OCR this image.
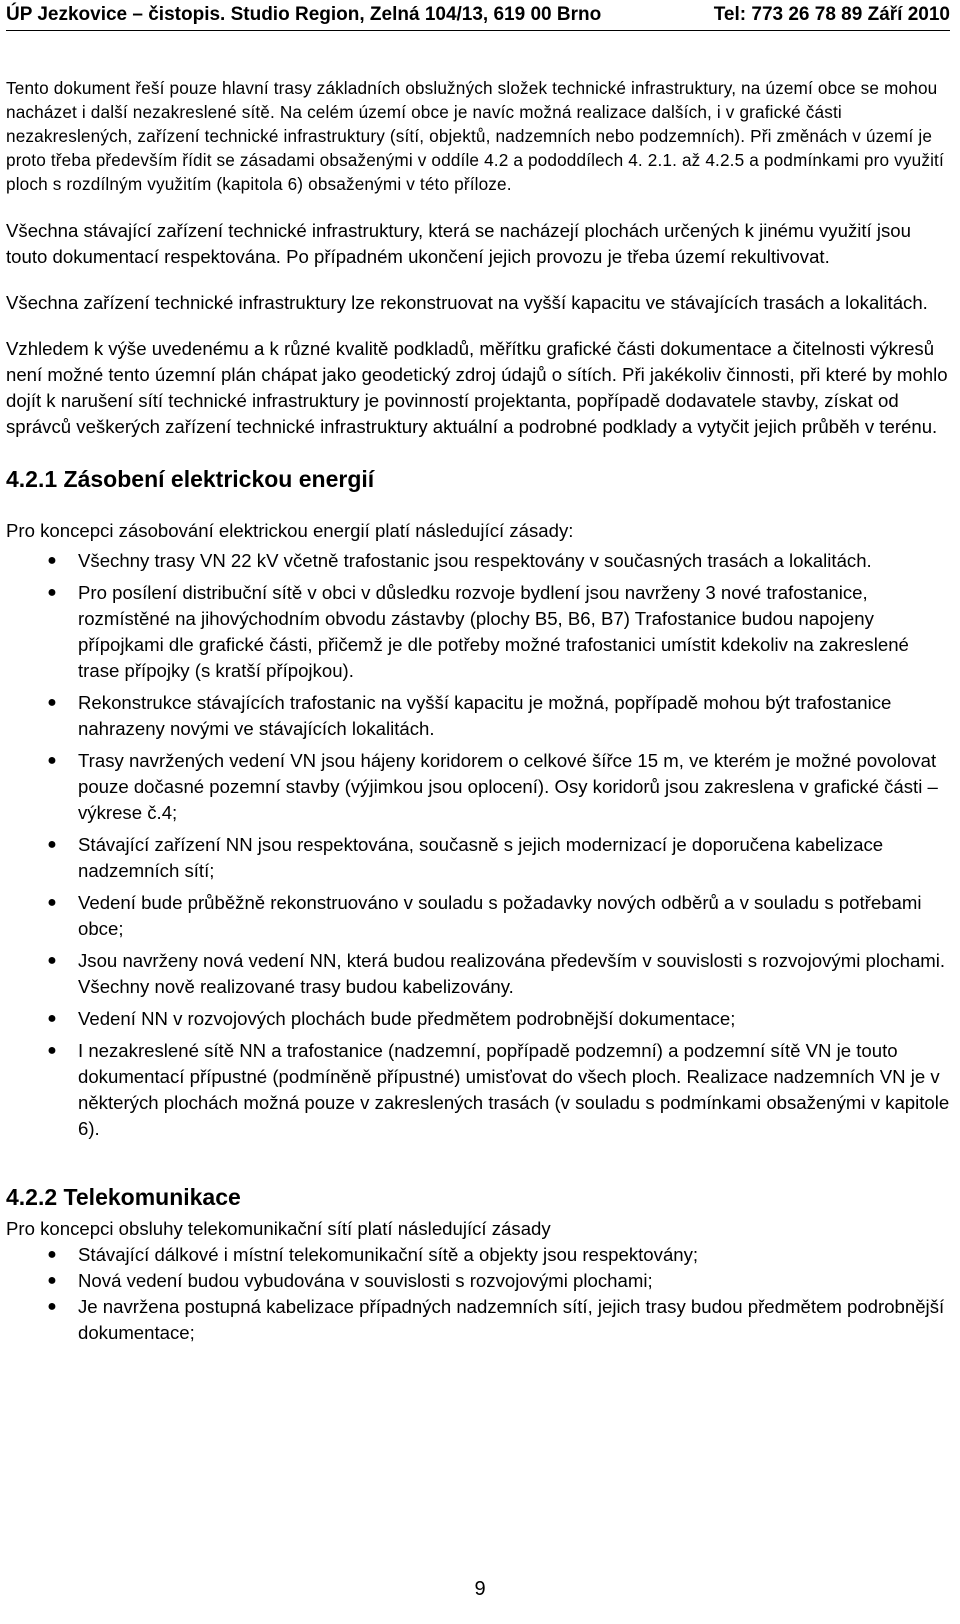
ÚP Jezkovice – čistopis. Studio Region, Zelná 104/13, 619 00 Brno	Tel: 773 26 78 89 Září 2010

Tento dokument řeší pouze hlavní trasy základních obslužných složek technické infrastruktury, na území obce se mohou nacházet i další nezakreslené sítě. Na celém území obce je navíc možná realizace dalších, i v grafické části nezakreslených, zařízení technické infrastruktury (sítí, objektů, nadzemních nebo podzemních). Při změnách v území je proto třeba především řídit se zásadami obsaženými v oddíle 4.2 a pododdílech 4. 2.1. až 4.2.5 a podmínkami pro využití ploch s rozdílným využitím (kapitola 6) obsaženými v této příloze.

Všechna stávající zařízení technické infrastruktury, která se nacházejí plochách určených k jinému využití jsou touto dokumentací respektována. Po případném ukončení jejich provozu je třeba území rekultivovat.

Všechna zařízení technické infrastruktury lze rekonstruovat na vyšší kapacitu ve stávajících trasách a lokalitách.

Vzhledem k výše uvedenému a k různé kvalitě podkladů, měřítku grafické části dokumentace a čitelnosti výkresů není možné tento územní plán chápat jako geodetický zdroj údajů o sítích. Při jakékoliv činnosti, při které by mohlo dojít k narušení sítí technické infrastruktury je povinností projektanta, popřípadě dodavatele stavby, získat od správců veškerých zařízení technické infrastruktury aktuální a podrobné podklady a vytyčit jejich průběh v terénu.

4.2.1 Zásobení elektrickou energií

Pro koncepci zásobování elektrickou energií platí následující zásady:

● Všechny trasy VN 22 kV včetně trafostanic jsou respektovány v současných trasách a lokalitách.
● Pro posílení distribuční sítě v obci v důsledku rozvoje bydlení jsou navrženy 3 nové trafostanice, rozmístěné na jihovýchodním obvodu zástavby (plochy B5, B6, B7) Trafostanice budou napojeny přípojkami dle grafické části, přičemž je dle potřeby možné trafostanici umístit kdekoliv na zakreslené trase přípojky (s kratší přípojkou).
● Rekonstrukce stávajících trafostanic na vyšší kapacitu je možná, popřípadě mohou být trafostanice nahrazeny novými ve stávajících lokalitách.
● Trasy navržených vedení VN jsou hájeny koridorem o celkové šířce 15 m, ve kterém je možné povolovat pouze dočasné pozemní stavby (výjimkou jsou oplocení). Osy koridorů jsou zakreslena v grafické části – výkrese č.4;
● Stávající zařízení NN jsou respektována, současně s jejich modernizací je doporučena kabelizace nadzemních sítí;
● Vedení bude průběžně rekonstruováno v souladu s požadavky nových odběrů a v souladu s potřebami obce;
● Jsou navrženy nová vedení NN, která budou realizována především v souvislosti s rozvojovými plochami. Všechny nově realizované trasy budou kabelizovány.
● Vedení NN v rozvojových plochách bude předmětem podrobnější dokumentace;
● I nezakreslené sítě NN a trafostanice (nadzemní, popřípadě podzemní) a podzemní sítě VN je touto dokumentací přípustné (podmíněně přípustné) umisťovat do všech ploch. Realizace nadzemních VN je v některých plochách možná pouze v zakreslených trasách (v souladu s podmínkami obsaženými v kapitole 6).
4.2.2 Telekomunikace

Pro koncepci obsluhy telekomunikační sítí platí následující zásady

● Stávající dálkové i místní telekomunikační sítě a objekty jsou respektovány;
● Nová vedení budou vybudována v souvislosti s rozvojovými plochami;
● Je navržena postupná kabelizace případných nadzemních sítí, jejich trasy budou předmětem podrobnější dokumentace;
9
